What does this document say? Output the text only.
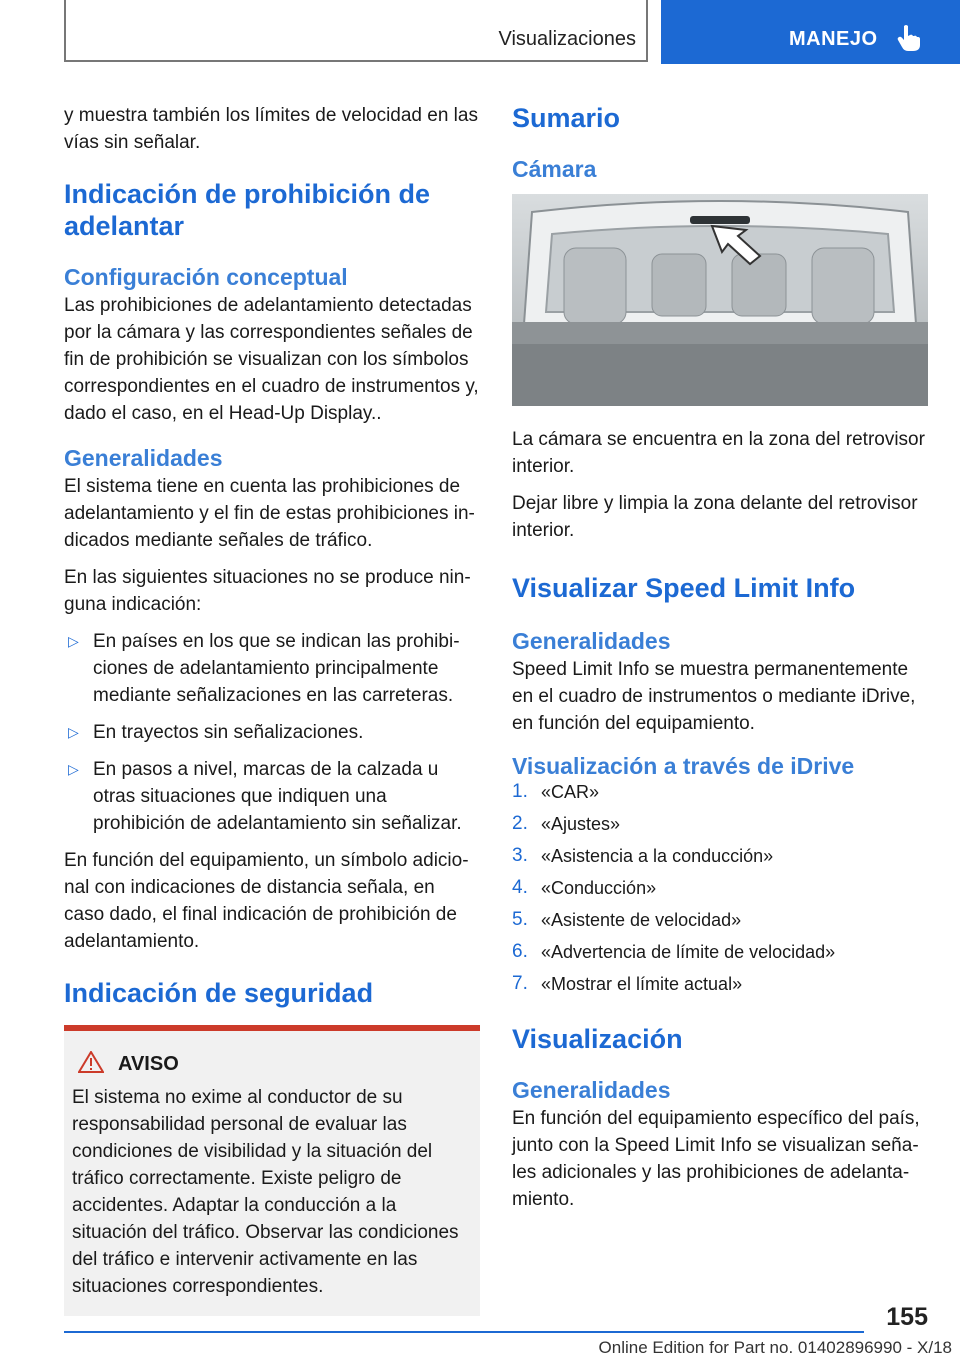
Visualizaciones	MANEJO

y muestra también los límites de velocidad en las vías sin señalar.

Indicación de prohibición de adelantar
Configuración conceptual

Las prohibiciones de adelantamiento detectadas por la cámara y las correspondientes señales de fin de prohibición se visualizan con los símbolos correspondientes en el cuadro de instrumentos y, dado el caso, en el Head-Up Display..

Generalidades

El sistema tiene en cuenta las prohibiciones de adelantamiento y el fin de estas prohibiciones indicados mediante señales de tráfico.

En las siguientes situaciones no se produce ninguna indicación:

▷ En países en los que se indican las prohibiciones de adelantamiento principalmente mediante señalizaciones en las carreteras.
▷ En trayectos sin señalizaciones.
▷ En pasos a nivel, marcas de la calzada u otras situaciones que indiquen una prohibición de adelantamiento sin señalizar.

En función del equipamiento, un símbolo adicional con indicaciones de distancia señala, en caso dado, el final indicación de prohibición de adelantamiento.

Indicación de seguridad
AVISO

El sistema no exime al conductor de su responsabilidad personal de evaluar las condiciones de visibilidad y la situación del tráfico correctamente. Existe peligro de accidentes. Adaptar la conducción a la situación del tráfico. Observar las condiciones del tráfico e intervenir activamente en las situaciones correspondientes.

Sumario
Cámara

La cámara se encuentra en la zona del retrovisor interior.

Dejar libre y limpia la zona delante del retrovisor interior.

Visualizar Speed Limit Info
Generalidades

Speed Limit Info se muestra permanentemente en el cuadro de instrumentos o mediante iDrive, en función del equipamiento.

Visualización a través de iDrive
1. «CAR»
2. «Ajustes»
3. «Asistencia a la conducción»
4. «Conducción»
5. «Asistente de velocidad»
6. «Advertencia de límite de velocidad»
7. «Mostrar el límite actual»
Visualización
Generalidades

En función del equipamiento específico del país, junto con la Speed Limit Info se visualizan señales adicionales y las prohibiciones de adelantamiento.

155
Online Edition for Part no. 01402896990 - X/18
